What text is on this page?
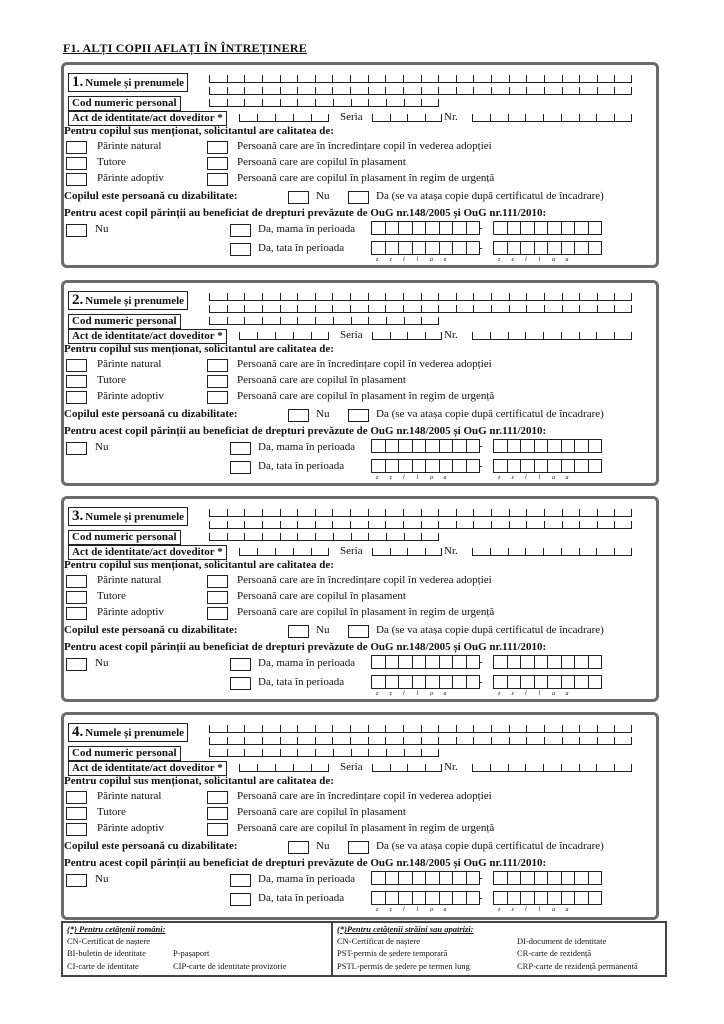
F1. ALȚI COPII AFLAȚI ÎN ÎNTREȚINERE
1. Numele și prenumele
Cod numeric personal
Act de identitate/act doveditor *	Seria	Nr.
Pentru copilul sus menționat, solicitantul are calitatea de:
Părinte natural	Persoană care are în încredințare copil în vederea adopției
Tutore	Persoană care are copilul în plasament
Părinte adoptiv	Persoană care are copilul în plasament în regim de urgență
Copilul este persoană cu dizabilitate:	Nu	Da (se va atașa copie după certificatul de încadrare)
Pentru acest copil părinții au beneficiat de drepturi prevăzute de OuG nr.148/2005 și OuG nr.111/2010:
Nu	Da, mama în perioada	-
Da, tata în perioada
z z l l a a
-
z z l l a a
2. Numele și prenumele
Cod numeric personal
Act de identitate/act doveditor *	Seria	Nr.
Pentru copilul sus menționat, solicitantul are calitatea de:
Părinte natural	Persoană care are în încredințare copil în vederea adopției
Tutore	Persoană care are copilul în plasament
Părinte adoptiv	Persoană care are copilul în plasament în regim de urgență
Copilul este persoană cu dizabilitate:	Nu	Da (se va atașa copie după certificatul de încadrare)
Pentru acest copil părinții au beneficiat de drepturi prevăzute de OuG nr.148/2005 și OuG nr.111/2010:
Nu	Da, mama în perioada	-
Da, tata în perioada
z z l l a a
-
z z l l a a
3. Numele și prenumele
Cod numeric personal
Act de identitate/act doveditor *	Seria	Nr.
Pentru copilul sus menționat, solicitantul are calitatea de:
Părinte natural	Persoană care are în încredințare copil în vederea adopției
Tutore	Persoană care are copilul în plasament
Părinte adoptiv	Persoană care are copilul în plasament în regim de urgență
Copilul este persoană cu dizabilitate:	Nu	Da (se va atașa copie după certificatul de încadrare)
Pentru acest copil părinții au beneficiat de drepturi prevăzute de OuG nr.148/2005 și OuG nr.111/2010:
Nu	Da, mama în perioada	-
Da, tata în perioada
z z l l a a
-
z z l l a a
4. Numele și prenumele
Cod numeric personal
Act de identitate/act doveditor *	Seria	Nr.
Pentru copilul sus menționat, solicitantul are calitatea de:
Părinte natural	Persoană care are în încredințare copil în vederea adopției
Tutore	Persoană care are copilul în plasament
Părinte adoptiv	Persoană care are copilul în plasament în regim de urgență
Copilul este persoană cu dizabilitate:	Nu	Da (se va atașa copie după certificatul de încadrare)
Pentru acest copil părinții au beneficiat de drepturi prevăzute de OuG nr.148/2005 și OuG nr.111/2010:
Nu	Da, mama în perioada	-
Da, tata în perioada
z z l l a a
-
z z l l a a
(*) Pentru cetățenii români:
CN-Certificat de naștere
BI-buletin de identitate	P-pașaport
CI-carte de identitate	CIP-carte de identitate provizorie
(*)Pentru cetățenii străini sau apatrizi:
CN-Certificat de naștere	DI-document de identitate
PST-permis de ședere temporară	CR-carte de rezidență
PSTL-permis de ședere pe termen lung	CRP-carte de rezidență permanentă
